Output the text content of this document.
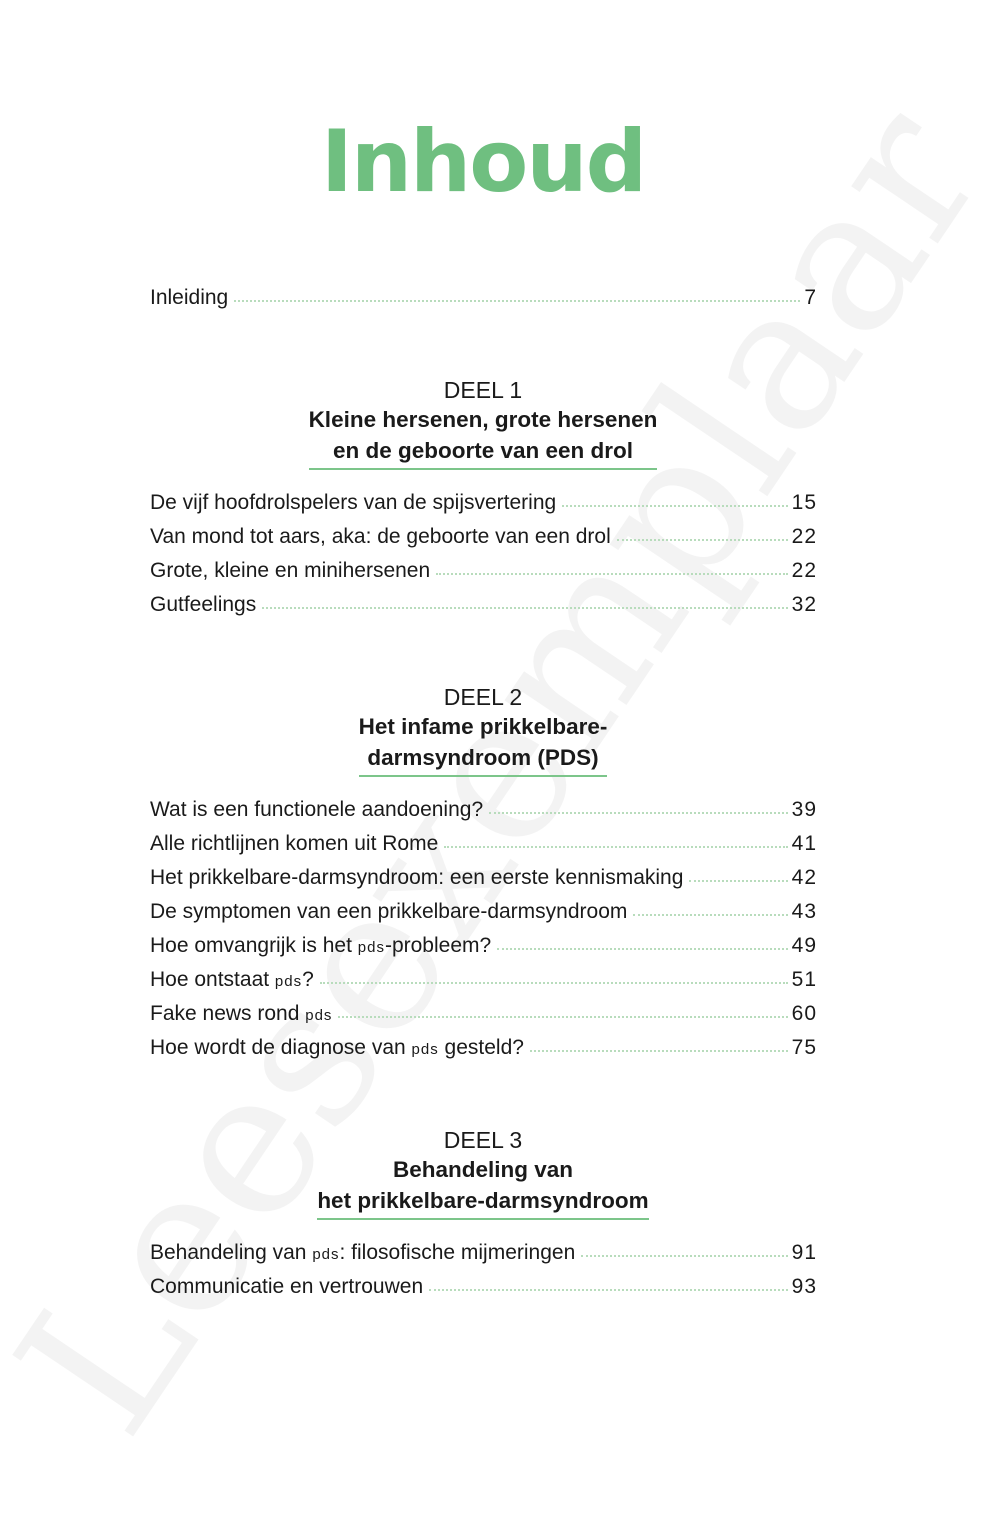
Inhoud
Inleiding	7
DEEL 1
Kleine hersenen, grote hersenen
en de geboorte van een drol
De vijf hoofdrolspelers van de spijsvertering	15
Van mond tot aars, aka: de geboorte van een drol	22
Grote, kleine en minihersenen	22
Gutfeelings	32
DEEL 2
Het infame prikkelbare-
darmsyndroom (PDS)
Wat is een functionele aandoening?	39
Alle richtlijnen komen uit Rome	41
Het prikkelbare-darmsyndroom: een eerste kennismaking	42
De symptomen van een prikkelbare-darmsyndroom	43
Hoe omvangrijk is het pds-probleem?	49
Hoe ontstaat pds?	51
Fake news rond pds	60
Hoe wordt de diagnose van pds gesteld?	75
DEEL 3
Behandeling van
het prikkelbare-darmsyndroom
Behandeling van pds: filosofische mijmeringen	91
Communicatie en vertrouwen	93
